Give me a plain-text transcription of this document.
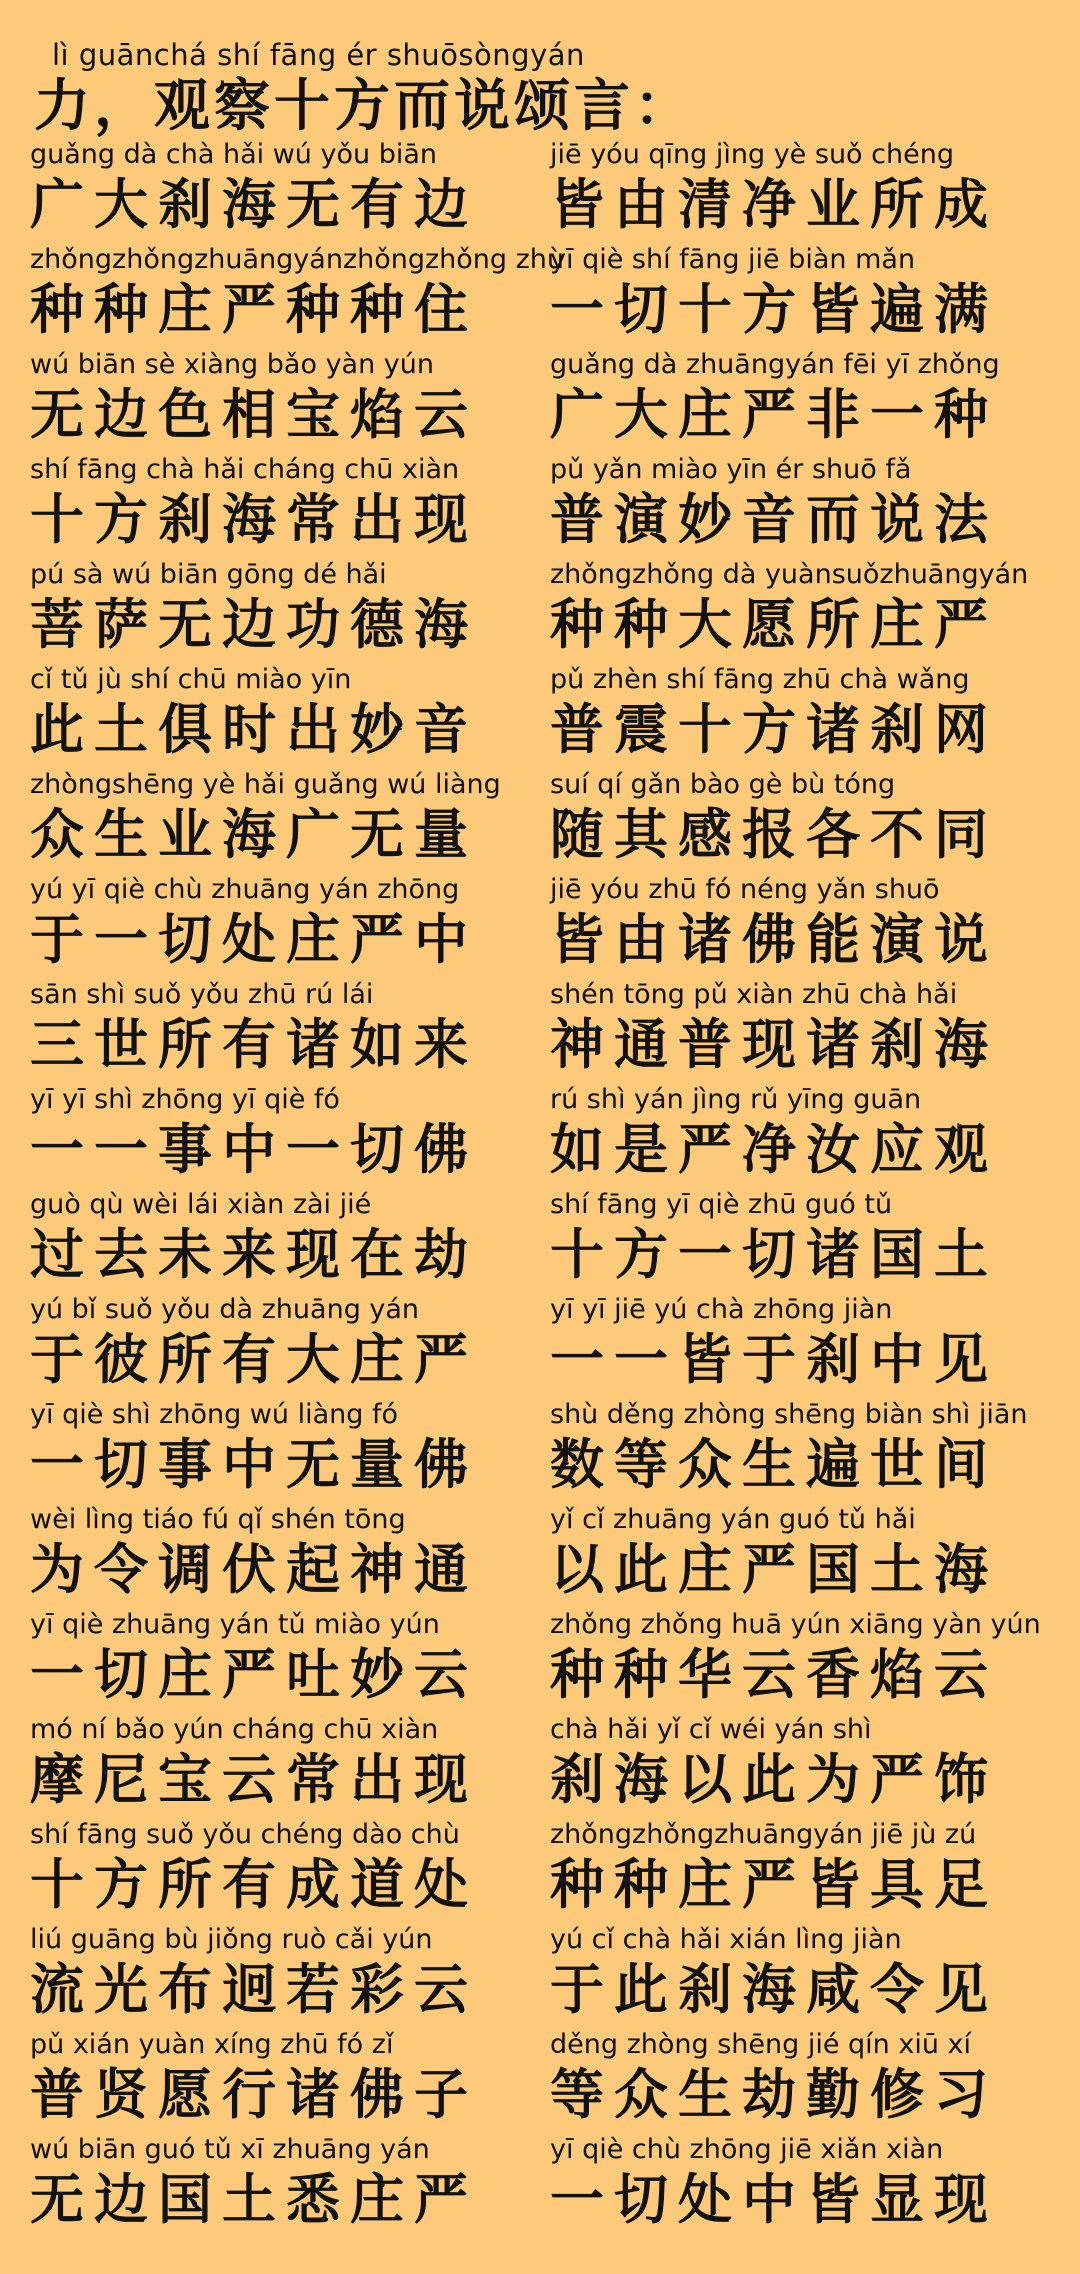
lì guānchá shí fāng ér shuōsòngyán
力，观察十方而说颂言：
guǎng dà chà hǎi wú yǒu biān
广大刹海无有边
jiē yóu qīng jìng yè suǒ chéng
皆由清净业所成
zhǒngzhǒngzhuāngyánzhǒngzhǒng zhù
种种庄严种种住
yī qiè shí fāng jiē biàn mǎn
一切十方皆遍满
wú biān sè xiàng bǎo yàn yún
无边色相宝焰云
guǎng dà zhuāngyán fēi yī zhǒng
广大庄严非一种
shí fāng chà hǎi cháng chū xiàn
十方刹海常出现
pǔ yǎn miào yīn ér shuō fǎ
普演妙音而说法
pú sà wú biān gōng dé hǎi
菩萨无边功德海
zhǒngzhǒng dà yuànsuǒzhuāngyán
种种大愿所庄严
cǐ tǔ jù shí chū miào yīn
此土俱时出妙音
pǔ zhèn shí fāng zhū chà wǎng
普震十方诸刹网
zhòngshēng yè hǎi guǎng wú liàng
众生业海广无量
suí qí gǎn bào gè bù tóng
随其感报各不同
yú yī qiè chù zhuāng yán zhōng
于一切处庄严中
jiē yóu zhū fó néng yǎn shuō
皆由诸佛能演说
sān shì suǒ yǒu zhū rú lái
三世所有诸如来
shén tōng pǔ xiàn zhū chà hǎi
神通普现诸刹海
yī yī shì zhōng yī qiè fó
一一事中一切佛
rú shì yán jìng rǔ yīng guān
如是严净汝应观
guò qù wèi lái xiàn zài jié
过去未来现在劫
shí fāng yī qiè zhū guó tǔ
十方一切诸国土
yú bǐ suǒ yǒu dà zhuāng yán
于彼所有大庄严
yī yī jiē yú chà zhōng jiàn
一一皆于刹中见
yī qiè shì zhōng wú liàng fó
一切事中无量佛
shù děng zhòng shēng biàn shì jiān
数等众生遍世间
wèi lìng tiáo fú qǐ shén tōng
为令调伏起神通
yǐ cǐ zhuāng yán guó tǔ hǎi
以此庄严国土海
yī qiè zhuāng yán tǔ miào yún
一切庄严吐妙云
zhǒng zhǒng huā yún xiāng yàn yún
种种华云香焰云
mó ní bǎo yún cháng chū xiàn
摩尼宝云常出现
chà hǎi yǐ cǐ wéi yán shì
刹海以此为严饰
shí fāng suǒ yǒu chéng dào chù
十方所有成道处
zhǒngzhǒngzhuāngyán jiē jù zú
种种庄严皆具足
liú guāng bù jiǒng ruò cǎi yún
流光布迥若彩云
yú cǐ chà hǎi xián lìng jiàn
于此刹海咸令见
pǔ xián yuàn xíng zhū fó zǐ
普贤愿行诸佛子
děng zhòng shēng jié qín xiū xí
等众生劫勤修习
wú biān guó tǔ xī zhuāng yán
无边国土悉庄严
yī qiè chù zhōng jiē xiǎn xiàn
一切处中皆显现
